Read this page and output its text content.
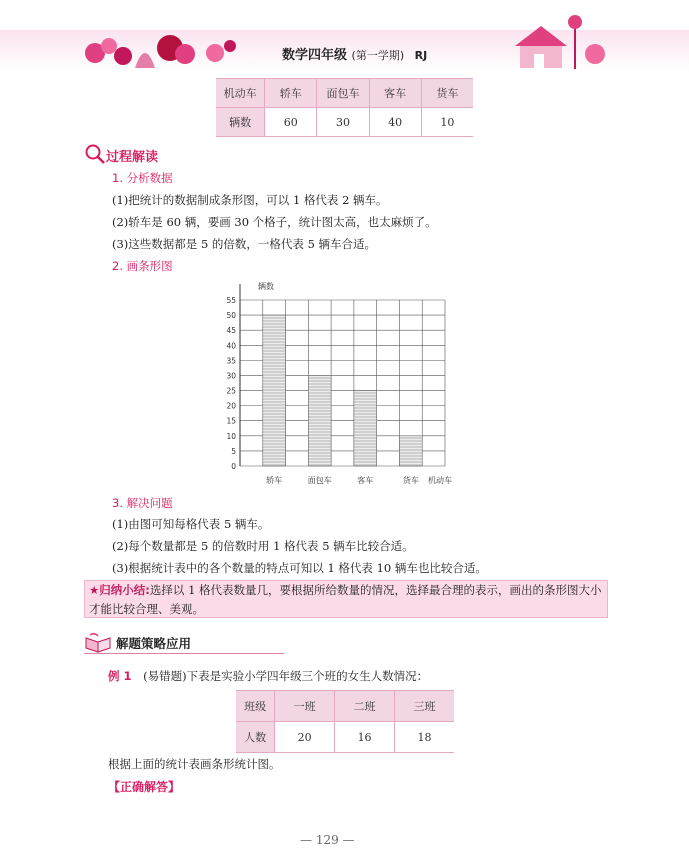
数学四年级 (第一学期) RJ
机动车	轿车	面包车	客车	货车
辆数	60	30	40	10
过程解读
1. 分析数据
(1)把统计的数据制成条形图，可以 1 格代表 2 辆车。
(2)轿车是 60 辆，要画 30 个格子，统计图太高，也太麻烦了。
(3)这些数据都是 5 的倍数，一格代表 5 辆车合适。
2. 画条形图
辆数
0
5
10
15
20
25
30
35
40
45
50
55
轿车	面包车	客车	货车 机动车
3. 解决问题
(1)由图可知每格代表 5 辆车。
(2)每个数量都是 5 的倍数时用 1 格代表 5 辆车比较合适。
(3)根据统计表中的各个数量的特点可知以 1 格代表 10 辆车也比较合适。
★归纳小结:选择以 1 格代表数量几，要根据所给数量的情况，选择最合理的表示，画出的条形图大小才能比较合理、美观。
解题策略应用
例 1 (易错题)下表是实验小学四年级三个班的女生人数情况：
班级	一班	二班	三班
人数	20	16	18
根据上面的统计表画条形统计图。
【正确解答】
— 129 —
